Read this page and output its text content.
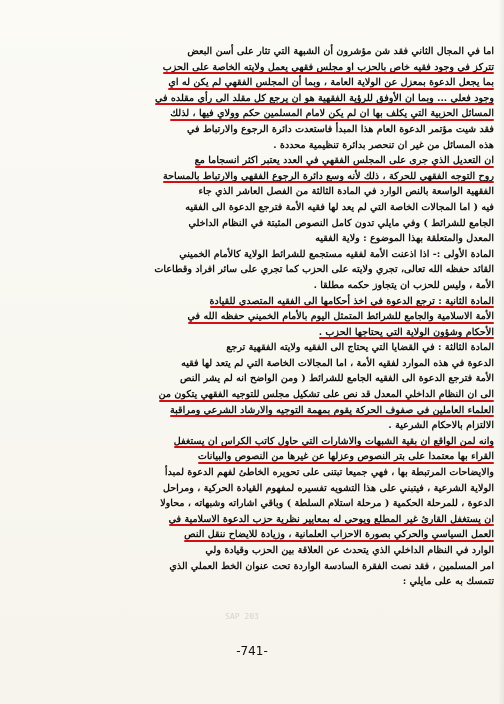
اما في المجال الثاني فقد شن مؤشرون أن الشبهة التي تثار على أسن البعض
تتركز في وجود فقيه خاص بالحزب او مجلس فقهي يعمل ولايته الخاصة على الحزب
بما يجعل الدعوة بمعزل عن الولاية العامة ، وبما أن المجلس الفقهي لم يكن له اي
وجود فعلي ... وبما ان الأوفق للرؤية الفقهية هو ان يرجع كل مقلد الى رأي مقلده في
المسائل الحزبية التي يكلف بها ان لم يكن لامام المسلمين حكم وولاي فيها ، لذلك
فقد شيت مؤتمر الدعوة العام هذا المبدأ فاستعدت دائرة الرجوع والارتباط في
هذه المسائل من غير ان تنحصر بدائرة تنظيمية محددة .
ان التعديل الذي جرى على المجلس الفقهي في العدد يعتبر اكثر انسجاما مع
روح التوجه الفقهي للحركة ، ذلك لأنه وسع دائرة الرجوع الفقهي والارتباط بالمساحة
الفقهية الواسعة بالنص الوارد في المادة الثالثة من الفصل العاشر الذي جاء
فيه ( اما المجالات الخاصة التي لم يعد لها فقيه الأمة فترجع الدعوة الى الفقيه
الجامع للشرائط ) وفي مايلي تدون كامل النصوص المثبتة في النظام الداخلي
المعدل والمتعلقة بهذا الموضوع : ولاية الفقيه
المادة الأولى :- اذا اذعنت الأمة لفقيه مستجمع للشرائط الولاية كالأمام الخميني
القائد حفظه الله تعالى، تجري ولايته على الحزب كما تجري على سائر افراد وقطاعات
الأمة ، وليس للحزب ان يتجاوز حكمه مطلقا .
المادة الثانية : ترجع الدعوة في اخذ أحكامها الى الفقيه المتصدي للقيادة
الأمة الاسلامية والجامع للشرائط المتمثل اليوم بالأمام الخميني حفظه الله في
الأحكام وشؤون الولاية التي يحتاجها الحزب .
المادة الثالثة : في القضايا التي يحتاج الى الفقيه ولايته الفقهية ترجع
الدعوة في هذه الموارد لفقيه الأمة ، اما المجالات الخاصة التي لم يتعد لها فقيه
الأمة فترجع الدعوة الى الفقيه الجامع للشرائط ( ومن الواضح انه لم يشر النص
الى ان النظام الداخلي المعدل قد نص على تشكيل مجلس للتوجيه الفقهي يتكون من
العلماء العاملين في صفوف الحركة يقوم بمهمة التوجيه والارشاد الشرعي ومراقبة
الالتزام بالاحكام الشرعية .
وانه لمن الواقع ان بقية الشبهات والاشارات التي حاول كاتب الكراس ان يستغفل
القراء بها معتمدا على بتر النصوص وعزلها عن غيرها من النصوص والبيانات
والايضاحات المرتبطة بها ، فهي جميعا تبتنى على تحويره الخاطئ لفهم الدعوة لمبدأ
الولاية الشرعية ، فيتبني على هذا التشويه تفسيره لمفهوم القيادة الحركية ، ومراحل
الدعوة ، للمرحلة الحكمية ( مرحلة استلام السلطة ) وباقي اشاراته وشبهاته ، محاولا
ان يستغفل القارئ غير المطلع ويوحي له بمعايير نظرية حزب الدعوة الاسلامية في
العمل السياسي والحركي بصورة الاحزاب العلمانية ، وزيادة للايضاح ننقل النص
الوارد في النظام الداخلي الذي يتحدث عن العلاقة بين الحزب وقيادة ولي
امر المسلمين ، فقد نصت الفقرة السادسة الواردة تحت عنوان الخط العملي الذي
تتمسك به على مايلي :
SAP 203
-741-
